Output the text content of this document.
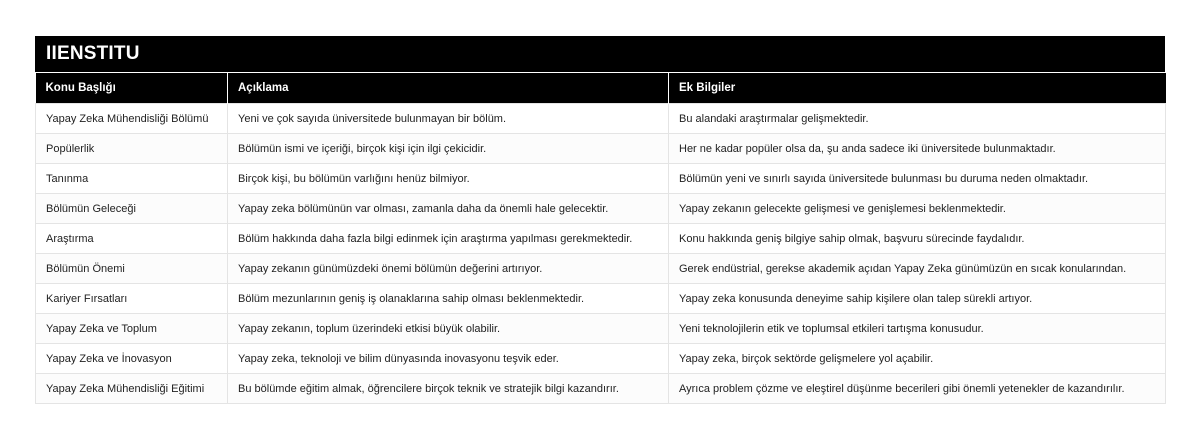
IIENSTITU
Konu Başlığı	Açıklama	Ek Bilgiler
Yapay Zeka Mühendisliği Bölümü	Yeni ve çok sayıda üniversitede bulunmayan bir bölüm.	Bu alandaki araştırmalar gelişmektedir.
Popülerlik	Bölümün ismi ve içeriği, birçok kişi için ilgi çekicidir.	Her ne kadar popüler olsa da, şu anda sadece iki üniversitede bulunmaktadır.
Tanınma	Birçok kişi, bu bölümün varlığını henüz bilmiyor.	Bölümün yeni ve sınırlı sayıda üniversitede bulunması bu duruma neden olmaktadır.
Bölümün Geleceği	Yapay zeka bölümünün var olması, zamanla daha da önemli hale gelecektir.	Yapay zekanın gelecekte gelişmesi ve genişlemesi beklenmektedir.
Araştırma	Bölüm hakkında daha fazla bilgi edinmek için araştırma yapılması gerekmektedir.	Konu hakkında geniş bilgiye sahip olmak, başvuru sürecinde faydalıdır.
Bölümün Önemi	Yapay zekanın günümüzdeki önemi bölümün değerini artırıyor.	Gerek endüstrial, gerekse akademik açıdan Yapay Zeka günümüzün en sıcak konularından.
Kariyer Fırsatları	Bölüm mezunlarının geniş iş olanaklarına sahip olması beklenmektedir.	Yapay zeka konusunda deneyime sahip kişilere olan talep sürekli artıyor.
Yapay Zeka ve Toplum	Yapay zekanın, toplum üzerindeki etkisi büyük olabilir.	Yeni teknolojilerin etik ve toplumsal etkileri tartışma konusudur.
Yapay Zeka ve İnovasyon	Yapay zeka, teknoloji ve bilim dünyasında inovasyonu teşvik eder.	Yapay zeka, birçok sektörde gelişmelere yol açabilir.
Yapay Zeka Mühendisliği Eğitimi	Bu bölümde eğitim almak, öğrencilere birçok teknik ve stratejik bilgi kazandırır.	Ayrıca problem çözme ve eleştirel düşünme becerileri gibi önemli yetenekler de kazandırılır.
